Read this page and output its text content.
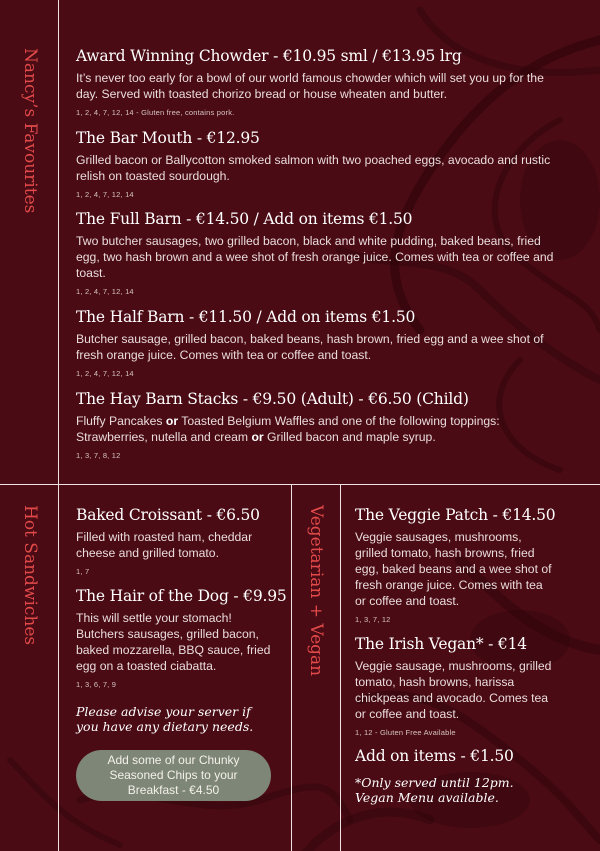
Nancy’s Favourites
Hot Sandwiches	Vegetarian + Vegan
Award Winning Chowder - €10.95 sml / €13.95 lrg

It’s never too early for a bowl of our world famous chowder which will set you up for the day. Served with toasted chorizo bread or house wheaten and butter.

1, 2, 4, 7, 12, 14 - Gluten free, contains pork.

The Bar Mouth - €12.95

Grilled bacon or Ballycotton smoked salmon with two poached eggs, avocado and rustic relish on toasted sourdough.

1, 2, 4, 7, 12, 14

The Full Barn - €14.50 / Add on items €1.50

Two butcher sausages, two grilled bacon, black and white pudding, baked beans, fried egg, two hash brown and a wee shot of fresh orange juice. Comes with tea or coffee and toast.

1, 2, 4, 7, 12, 14

The Half Barn - €11.50 / Add on items €1.50

Butcher sausage, grilled bacon, baked beans, hash brown, fried egg and a wee shot of fresh orange juice. Comes with tea or coffee and toast.

1, 2, 4, 7, 12, 14

The Hay Barn Stacks - €9.50 (Adult) - €6.50 (Child)

Fluffy Pancakes or Toasted Belgium Waffles and one of the following toppings: Strawberries, nutella and cream or Grilled bacon and maple syrup.

1, 3, 7, 8, 12

Baked Croissant - €6.50

Filled with roasted ham, cheddar cheese and grilled tomato.

1, 7

The Hair of the Dog - €9.95

This will settle your stomach! Butchers sausages, grilled bacon, baked mozzarella, BBQ sauce, fried egg on a toasted ciabatta.

1, 3, 6, 7, 9

Please advise your server if you have any dietary needs.
Add some of our Chunky Seasoned Chips to your Breakfast - €4.50
The Veggie Patch - €14.50

Veggie sausages, mushrooms, grilled tomato, hash browns, fried egg, baked beans and a wee shot of fresh orange juice. Comes with tea or coffee and toast.

1, 3, 7, 12

The Irish Vegan* - €14

Veggie sausage, mushrooms, grilled tomato, hash browns, harissa chickpeas and avocado. Comes tea or coffee and toast.

1, 12 - Gluten Free Available

Add on items - €1.50
*Only served until 12pm. Vegan Menu available.
